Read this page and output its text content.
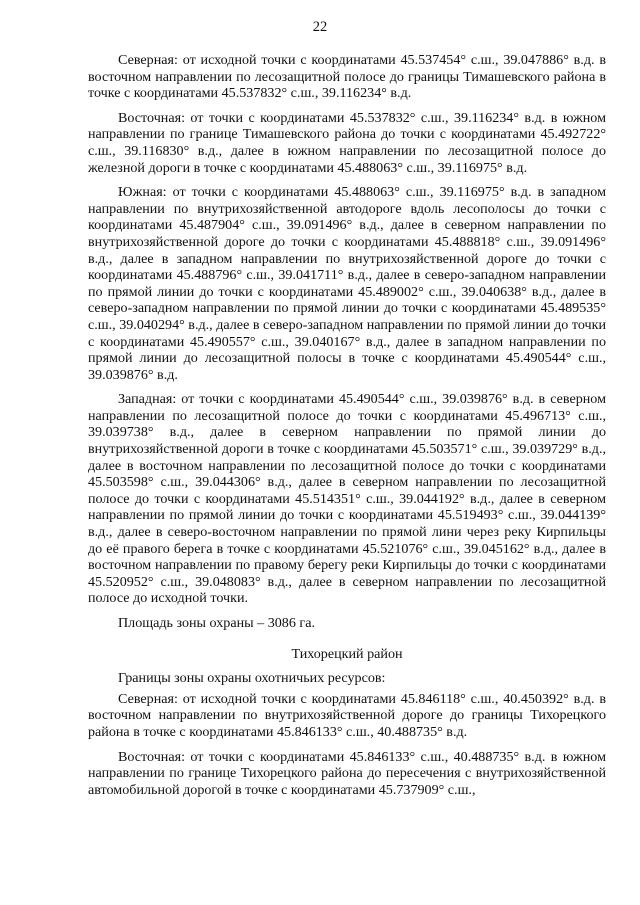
22

Северная: от исходной точки с координатами 45.537454° с.ш., 39.047886° в.д. в восточном направлении по лесозащитной полосе до границы Тимашевского района в точке с координатами 45.537832° с.ш., 39.116234° в.д.

Восточная: от точки с координатами 45.537832° с.ш., 39.116234° в.д. в южном направлении по границе Тимашевского района до точки с координатами 45.492722° с.ш., 39.116830° в.д., далее в южном направлении по лесозащитной полосе до железной дороги в точке с координатами 45.488063° с.ш., 39.116975° в.д.

Южная: от точки с координатами 45.488063° с.ш., 39.116975° в.д. в западном направлении по внутрихозяйственной автодороге вдоль лесополосы до точки с координатами 45.487904° с.ш., 39.091496° в.д., далее в северном направлении по внутрихозяйственной дороге до точки с координатами 45.488818° с.ш., 39.091496° в.д., далее в западном направлении по внутрихозяйственной дороге до точки с координатами 45.488796° с.ш., 39.041711° в.д., далее в северо-западном направлении по прямой линии до точки с координатами 45.489002° с.ш., 39.040638° в.д., далее в северо-западном направлении по прямой линии до точки с координатами 45.489535° с.ш., 39.040294° в.д., далее в северо-западном направлении по прямой линии до точки с координатами 45.490557° с.ш., 39.040167° в.д., далее в западном направлении по прямой линии до лесозащитной полосы в точке с координатами 45.490544° с.ш., 39.039876° в.д.

Западная: от точки с координатами 45.490544° с.ш., 39.039876° в.д. в северном направлении по лесозащитной полосе до точки с координатами 45.496713° с.ш., 39.039738° в.д., далее в северном направлении по прямой линии до внутрихозяйственной дороги в точке с координатами 45.503571° с.ш., 39.039729° в.д., далее в восточном направлении по лесозащитной полосе до точки с координатами 45.503598° с.ш., 39.044306° в.д., далее в северном направлении по лесозащитной полосе до точки с координатами 45.514351° с.ш., 39.044192° в.д., далее в северном направлении по прямой линии до точки с координатами 45.519493° с.ш., 39.044139° в.д., далее в северо-восточном направлении по прямой лини через реку Кирпильцы до её правого берега в точке с координатами 45.521076° с.ш., 39.045162° в.д., далее в восточном направлении по правому берегу реки Кирпильцы до точки с координатами 45.520952° с.ш., 39.048083° в.д., далее в северном направлении по лесозащитной полосе до исходной точки.

Площадь зоны охраны – 3086 га.

Тихорецкий район

Границы зоны охраны охотничьих ресурсов:

Северная: от исходной точки с координатами 45.846118° с.ш., 40.450392° в.д. в восточном направлении по внутрихозяйственной дороге до границы Тихорецкого района в точке с координатами 45.846133° с.ш., 40.488735° в.д.

Восточная: от точки с координатами 45.846133° с.ш., 40.488735° в.д. в южном направлении по границе Тихорецкого района до пересечения с внутрихозяйственной автомобильной дорогой в точке с координатами 45.737909° с.ш.,
